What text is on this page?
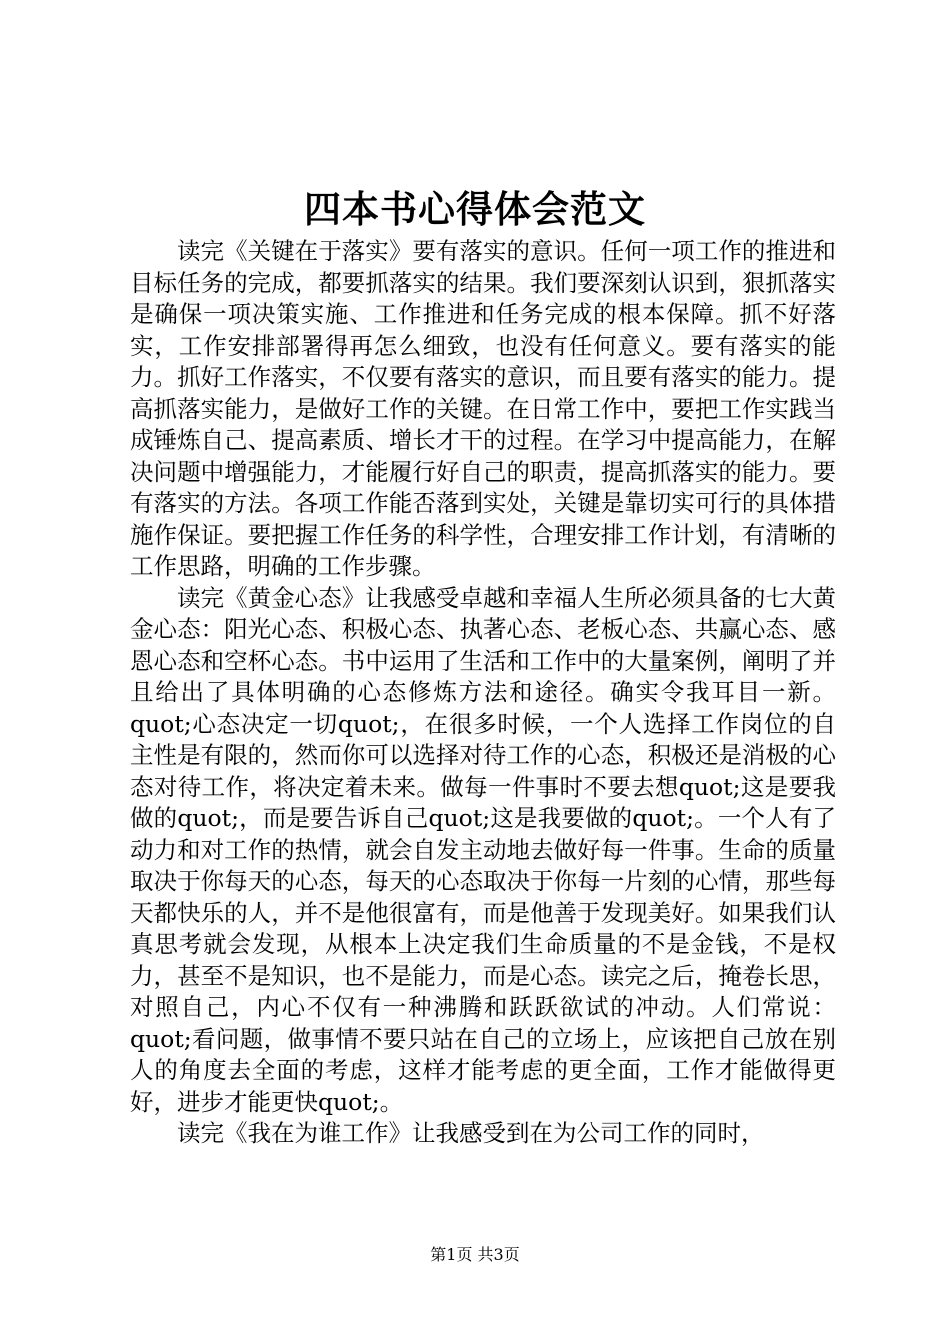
四本书心得体会范文

读完《关键在于落实》要有落实的意识。任何一项工作的推进和目标任务的完成，都要抓落实的结果。我们要深刻认识到，狠抓落实是确保一项决策实施、工作推进和任务完成的根本保障。抓不好落实，工作安排部署得再怎么细致，也没有任何意义。要有落实的能力。抓好工作落实，不仅要有落实的意识，而且要有落实的能力。提高抓落实能力，是做好工作的关键。在日常工作中，要把工作实践当成锤炼自己、提高素质、增长才干的过程。在学习中提高能力，在解决问题中增强能力，才能履行好自己的职责，提高抓落实的能力。要有落实的方法。各项工作能否落到实处，关键是靠切实可行的具体措施作保证。要把握工作任务的科学性，合理安排工作计划，有清晰的工作思路，明确的工作步骤。

读完《黄金心态》让我感受卓越和幸福人生所必须具备的七大黄金心态：阳光心态、积极心态、执著心态、老板心态、共赢心态、感恩心态和空杯心态。书中运用了生活和工作中的大量案例，阐明了并且给出了具体明确的心态修炼方法和途径。确实令我耳目一新。quot;心态决定一切quot;，在很多时候，一个人选择工作岗位的自主性是有限的，然而你可以选择对待工作的心态，积极还是消极的心态对待工作，将决定着未来。做每一件事时不要去想quot;这是要我做的quot;，而是要告诉自己quot;这是我要做的quot;。一个人有了动力和对工作的热情，就会自发主动地去做好每一件事。生命的质量取决于你每天的心态，每天的心态取决于你每一片刻的心情，那些每天都快乐的人，并不是他很富有，而是他善于发现美好。如果我们认真思考就会发现，从根本上决定我们生命质量的不是金钱，不是权力，甚至不是知识，也不是能力，而是心态。读完之后，掩卷长思，对照自己，内心不仅有一种沸腾和跃跃欲试的冲动。人们常说：quot;看问题，做事情不要只站在自己的立场上，应该把自己放在别人的角度去全面的考虑，这样才能考虑的更全面，工作才能做得更好，进步才能更快quot;。

读完《我在为谁工作》让我感受到在为公司工作的同时，

第1页 共3页
